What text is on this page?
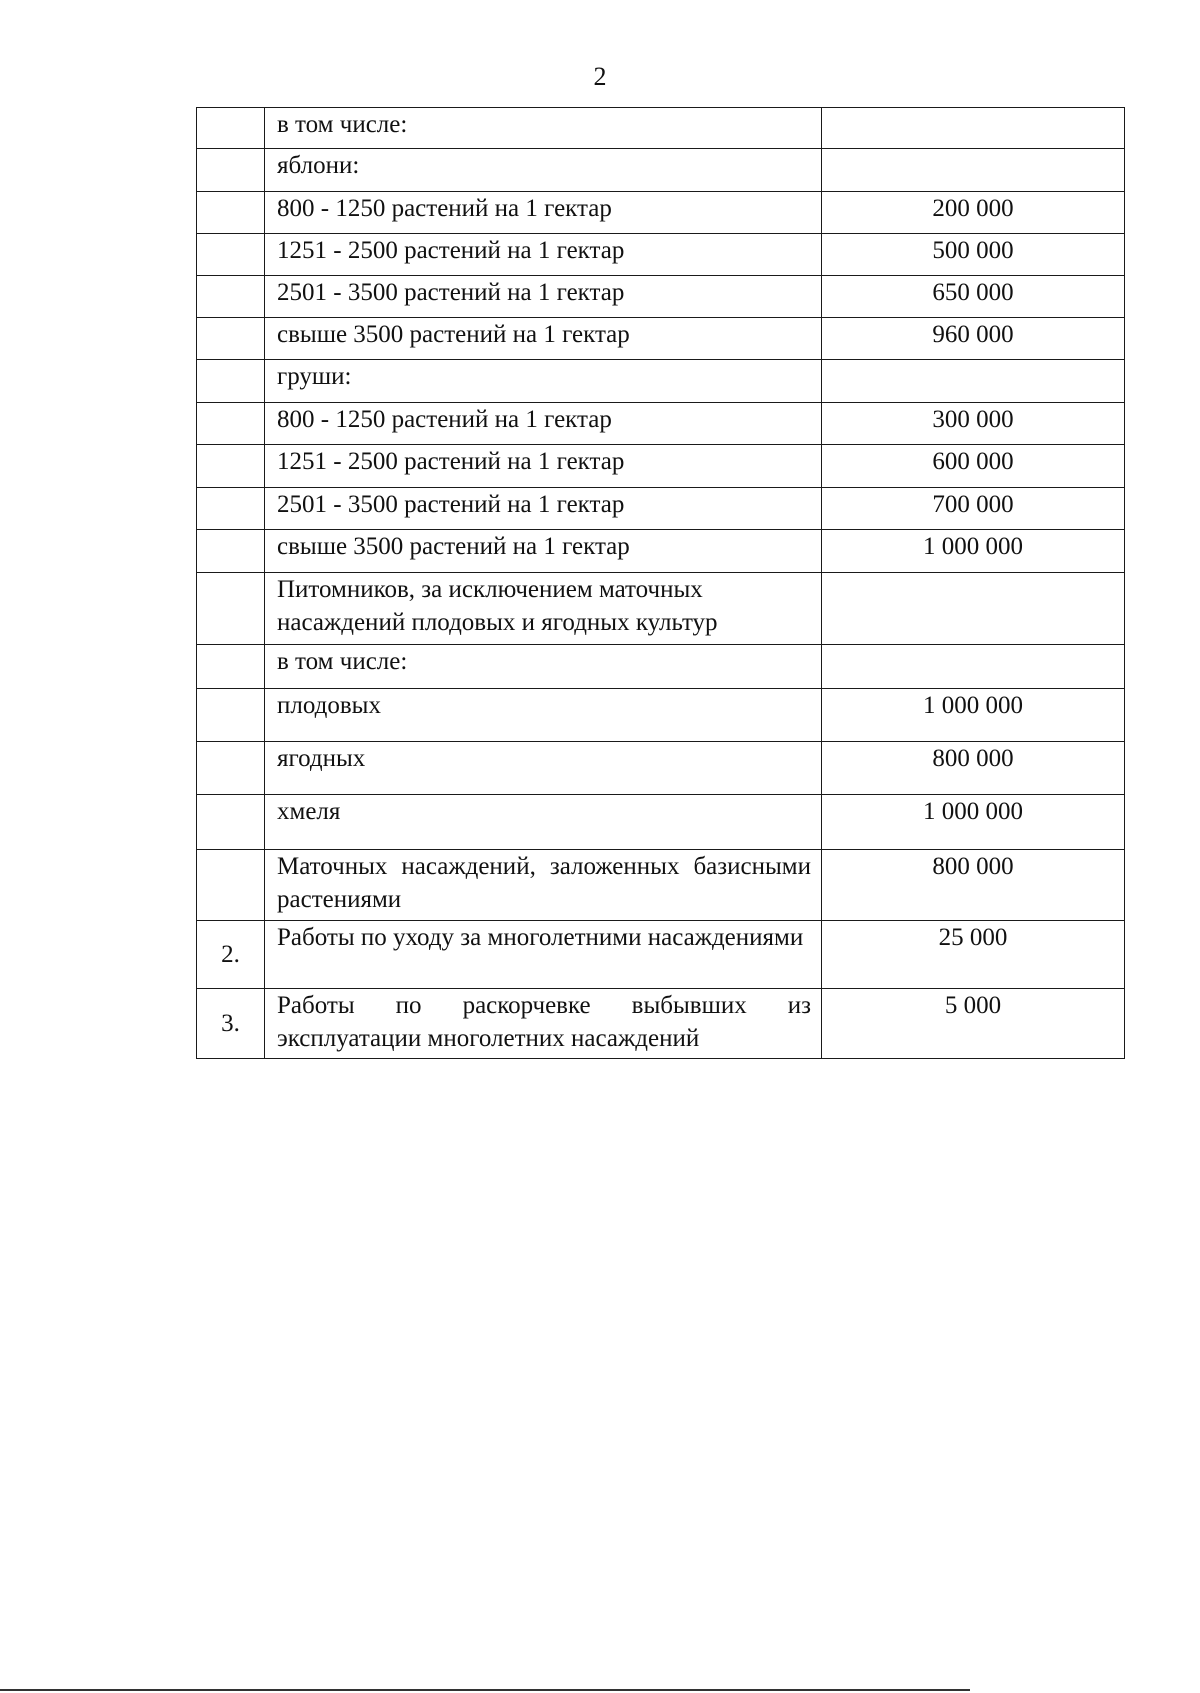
2
	в том числе:	
	яблони:	
	800 - 1250 растений на 1 гектар	200 000
	1251 - 2500 растений на 1 гектар	500 000
	2501 - 3500 растений на 1 гектар	650 000
	свыше 3500 растений на 1 гектар	960 000
	груши:	
	800 - 1250 растений на 1 гектар	300 000
	1251 - 2500 растений на 1 гектар	600 000
	2501 - 3500 растений на 1 гектар	700 000
	свыше 3500 растений на 1 гектар	1 000 000
	Питомников, за исключением маточных насаждений плодовых и ягодных культур	
	в том числе:	
	плодовых	1 000 000
	ягодных	800 000
	хмеля	1 000 000
	Маточных насаждений, заложенных базисными растениями	800 000
2.	Работы по уходу за многолетними насаждениями	25 000
3.	Работы по раскорчевке выбывших из эксплуатации многолетних насаждений	5 000
